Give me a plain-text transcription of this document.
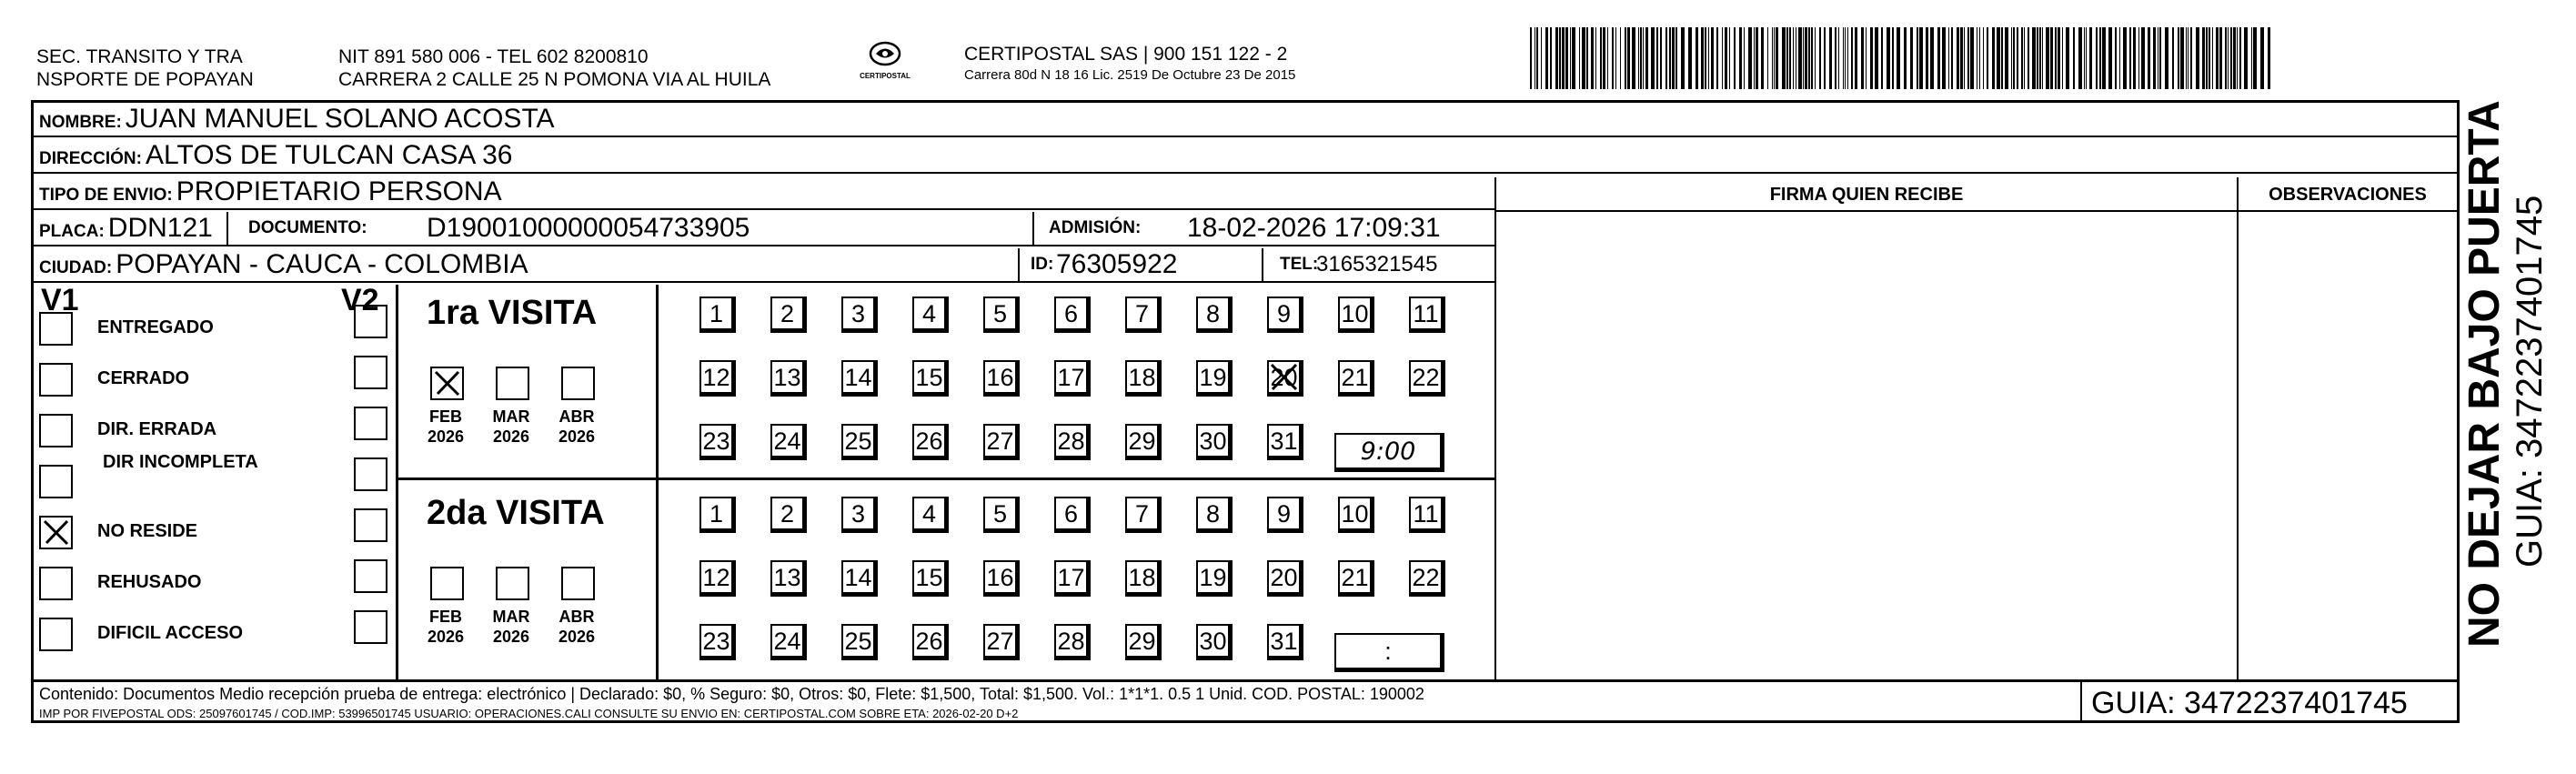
SEC. TRANSITO Y TRA
NSPORTE DE POPAYAN
NIT 891 580 006 - TEL 602 8200810
CARRERA 2 CALLE 25 N POMONA VIA AL HUILA	CERTIPOSTAL
CERTIPOSTAL SAS | 900 151 122 - 2
Carrera 80d N 18 16 Lic. 2519 De Octubre 23 De 2015
NOMBRE: JUAN MANUEL SOLANO ACOSTA
DIRECCIÓN: ALTOS DE TULCAN CASA 36
TIPO DE ENVIO: PROPIETARIO PERSONA
PLACA: DDN121 DOCUMENTO: D19001000000054733905	ADMISIÓN: 18-02-2026 17:09:31
CIUDAD: POPAYAN - CAUCA - COLOMBIA	ID: 76305922	TEL:
3165321545
FIRMA QUIEN RECIBE	OBSERVACIONES
V1	V2
ENTREGADO
CERRADO
DIR. ERRADA
DIR INCOMPLETA
NO RESIDE
REHUSADO
DIFICIL ACCESO
1ra VISITA
FEB
2026
MAR
2026
ABR
2026
1	2	3	4	5	6	7	8	9	10 11
12 13 14 15 16 17 18 19 20 21 22
23 24 25 26 27 28 29 30 31	9:00
2da VISITA
FEB
2026
MAR
2026
ABR
2026
1	2	3	4	5	6	7	8	9	10 11
12 13 14 15 16 17 18 19 20 21 22
23 24 25 26 27 28 29 30 31	:
Contenido: Documentos Medio recepción prueba de entrega: electrónico | Declarado: $0, % Seguro: $0, Otros: $0, Flete: $1,500, Total: $1,500. Vol.: 1*1*1. 0.5 1 Unid. COD. POSTAL: 190002
IMP POR FIVEPOSTAL ODS: 25097601745 / COD.IMP: 53996501745 USUARIO: OPERACIONES.CALI CONSULTE SU ENVIO EN: CERTIPOSTAL.COM SOBRE ETA: 2026-02-20 D+2	GUIA: 3472237401745
NO DEJAR BAJO PUERTA GUIA: 3472237401745
